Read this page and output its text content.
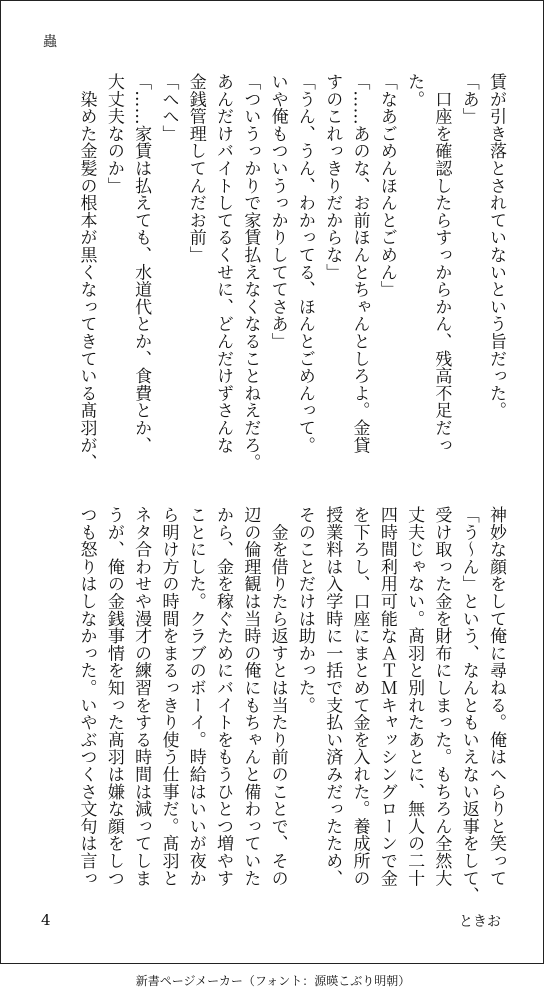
蟲
賃が引き落とされていないという旨だった。
「あ」
　口座を確認したらすっからかん、残高不足だっ
た。
「なあごめんほんとごめん」
「……あのな、お前ほんとちゃんとしろよ。金貸
すのこれっきりだからな」
「うん、うん、わかってる、ほんとごめんって。
いや俺もついうっかりしててさあ」
「ついうっかりで家賃払えなくなることねえだろ。
あんだけバイトしてるくせに、どんだけずさんな
金銭管理してんだお前」
「へへ」
「……家賃は払えても、水道代とか、食費とか、
大丈夫なのか」
　染めた金髪の根本が黒くなってきている髙羽が、
神妙な顔をして俺に尋ねる。俺はへらりと笑って
「う〜ん」という、なんともいえない返事をして、
受け取った金を財布にしまった。もちろん全然大
丈夫じゃない。髙羽と別れたあとに、無人の二十
四時間利用可能なＡＴＭキャッシングローンで金
を下ろし、口座にまとめて金を入れた。養成所の
授業料は入学時に一括で支払い済みだったため、
そのことだけは助かった。
　金を借りたら返すとは当たり前のことで、その
辺の倫理観は当時の俺にもちゃんと備わっていた
から、金を稼ぐためにバイトをもうひとつ増やす
ことにした。クラブのボーイ。時給はいいが夜か
ら明け方の時間をまるっきり使う仕事だ。髙羽と
ネタ合わせや漫才の練習をする時間は減ってしま
うが、俺の金銭事情を知った髙羽は嫌な顔をしつ
つも怒りはしなかった。いやぶつくさ文句は言っ
4	ときお
新書ページメーカー（フォント：源暎こぶり明朝）
